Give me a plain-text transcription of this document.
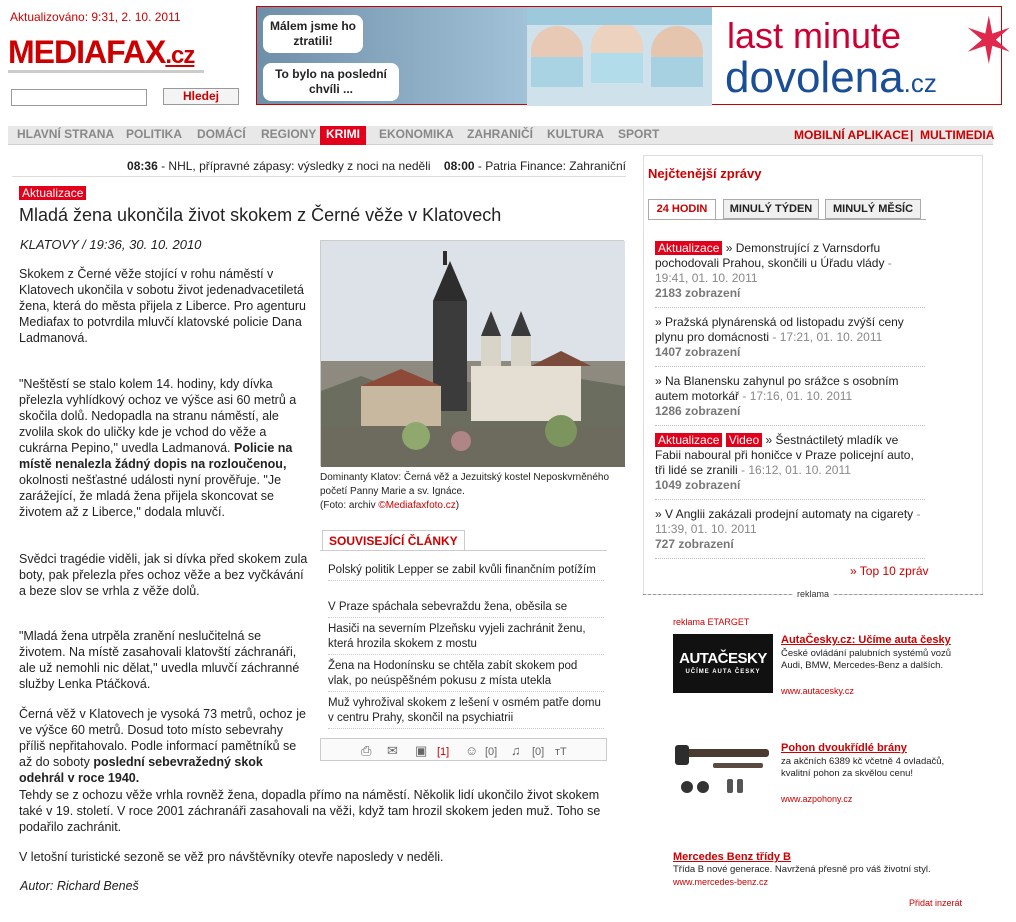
Aktualizováno: 9:31, 2. 10. 2011
MEDIAFAX.cz
Hledej
Málem jsme ho ztratili!
To bylo na poslední chvíli ...
last minute
dovolena.cz
✶
HLAVNÍ STRANA POLITIKA DOMÁCÍ REGIONY KRIMI	EKONOMIKA ZAHRANIČÍ KULTURA SPORT	MOBILNÍ APLIKACE | MULTIMEDIA
08:36 - NHL, přípravné zápasy: výsledky z noci na neděli 08:00 - Patria Finance: Zahraniční
Aktualizace
Mladá žena ukončila život skokem z Černé věže v Klatovech
KLATOVY / 19:36, 30. 10. 2010
Skokem z Černé věže stojící v rohu náměstí v Klatovech ukončila v sobotu život jedenadvacetiletá žena, která do města přijela z Liberce. Pro agenturu Mediafax to potvrdila mluvčí klatovské policie Dana Ladmanová.
"Neštěstí se stalo kolem 14. hodiny, kdy dívka přelezla vyhlídkový ochoz ve výšce asi 60 metrů a skočila dolů. Nedopadla na stranu náměstí, ale zvolila skok do uličky kde je vchod do věže a cukrárna Pepino," uvedla Ladmanová. Policie na místě nenalezla žádný dopis na rozloučenou, okolnosti nešťastné události nyní prověřuje. "Je zarážející, že mladá žena přijela skoncovat se životem až z Liberce," dodala mluvčí.
Svědci tragédie viděli, jak si dívka před skokem zula boty, pak přelezla přes ochoz věže a bez vyčkávání a beze slov se vrhla z věže dolů.
"Mladá žena utrpěla zranění neslučitelná se životem. Na místě zasahovali klatovští záchranáři, ale už nemohli nic dělat," uvedla mluvčí záchranné služby Lenka Ptáčková.
Černá věž v Klatovech je vysoká 73 metrů, ochoz je ve výšce 60 metrů. Dosud toto místo sebevrahy příliš nepřitahovalo. Podle informací pamětníků se až do soboty poslední sebevražedný skok odehrál v roce 1940.
Tehdy se z ochozu věže vrhla rovněž žena, dopadla přímo na náměstí. Několik lidí ukončilo život skokem také v 19. století. V roce 2001 záchranáři zasahovali na věži, když tam hrozil skokem jeden muž. Toho se podařilo zachránit.
V letošní turistické sezoně se věž pro návštěvníky otevře naposledy v neděli.
Autor: Richard Beneš
Dominanty Klatov: Černá věž a Jezuitský kostel Neposkvrněného početí Panny Marie a sv. Ignáce.
(Foto: archiv ©Mediafaxfoto.cz)
SOUVISEJÍCÍ ČLÁNKY
Polský politik Lepper se zabil kvůli finančním potížím
V Praze spáchala sebevraždu žena, oběsila se
Hasiči na severním Plzeňsku vyjeli zachránit ženu, která hrozila skokem z mostu
Žena na Hodonínsku se chtěla zabít skokem pod vlak, po neúspěšném pokusu z místa utekla
Muž vyhrožival skokem z lešení v osmém patře domu v centru Prahy, skončil na psychiatrii
⎙ ✉ ▣ [1] ☺ [0] ♫ [0] тT
Nejčtenější zprávy
24 HODIN	MINULÝ TÝDEN	MINULÝ MĚSÍC
Aktualizace » Demonstrující z Varnsdorfu pochodovali Prahou, skončili u Úřadu vlády - 19:41, 01. 10. 2011
2183 zobrazení
» Pražská plynárenská od listopadu zvýší ceny plynu pro domácnosti - 17:21, 01. 10. 2011
1407 zobrazení
» Na Blanensku zahynul po srážce s osobním autem motorkář - 17:16, 01. 10. 2011
1286 zobrazení
Aktualizace Video » Šestnáctiletý mladík ve Fabii naboural při honičce v Praze policejní auto, tři lidé se zranili - 16:12, 01. 10. 2011
1049 zobrazení
» V Anglii zakázali prodejní automaty na cigarety - 11:39, 01. 10. 2011
727 zobrazení
» Top 10 zpráv
reklama
reklama ETARGET
AUTAČESKY
UČÍME AUTA ČESKY
AutaČesky.cz: Učíme auta česky
České ovládání palubních systémů vozů Audi, BMW, Mercedes-Benz a dalších.
www.autacesky.cz
Pohon dvoukřídlé brány
za akčních 6389 kč včetně 4 ovladačů, kvalitní pohon za skvělou cenu!
www.azpohony.cz
Mercedes Benz třídy B
Třída B nové generace. Navržená přesně pro váš životní styl.
www.mercedes-benz.cz
Přidat inzerát
